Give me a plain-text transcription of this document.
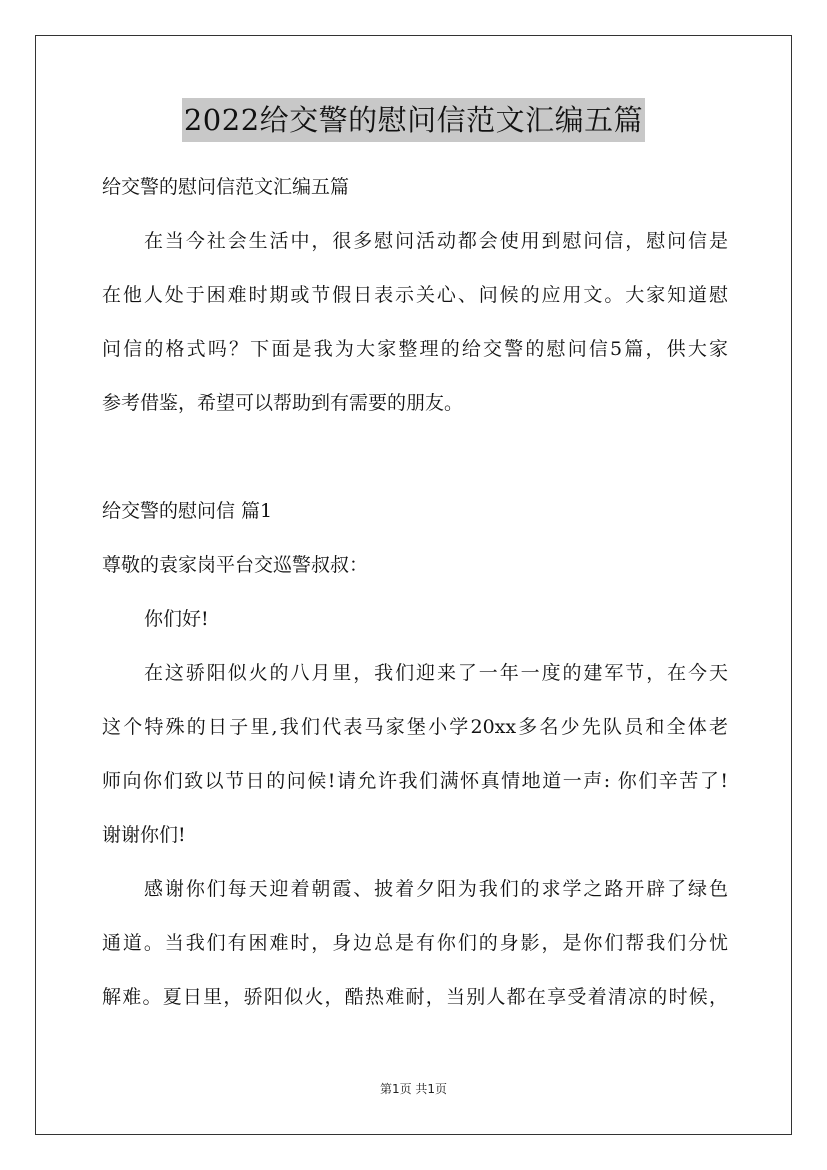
2022给交警的慰问信范文汇编五篇
给交警的慰问信范文汇编五篇
在当今社会生活中，很多慰问活动都会使用到慰问信，慰问信是
在他人处于困难时期或节假日表示关心、问候的应用文。大家知道慰
问信的格式吗？下面是我为大家整理的给交警的慰问信5篇，供大家
参考借鉴，希望可以帮助到有需要的朋友。
给交警的慰问信 篇1
尊敬的袁家岗平台交巡警叔叔：
你们好!
在这骄阳似火的八月里，我们迎来了一年一度的建军节，在今天
这个特殊的日子里,我们代表马家堡小学20xx多名少先队员和全体老
师向你们致以节日的问候!请允许我们满怀真情地道一声: 你们辛苦了!
谢谢你们!
感谢你们每天迎着朝霞、披着夕阳为我们的求学之路开辟了绿色
通道。当我们有困难时，身边总是有你们的身影，是你们帮我们分忧
解难。夏日里，骄阳似火，酷热难耐，当别人都在享受着清凉的时候，
第1页 共1页
